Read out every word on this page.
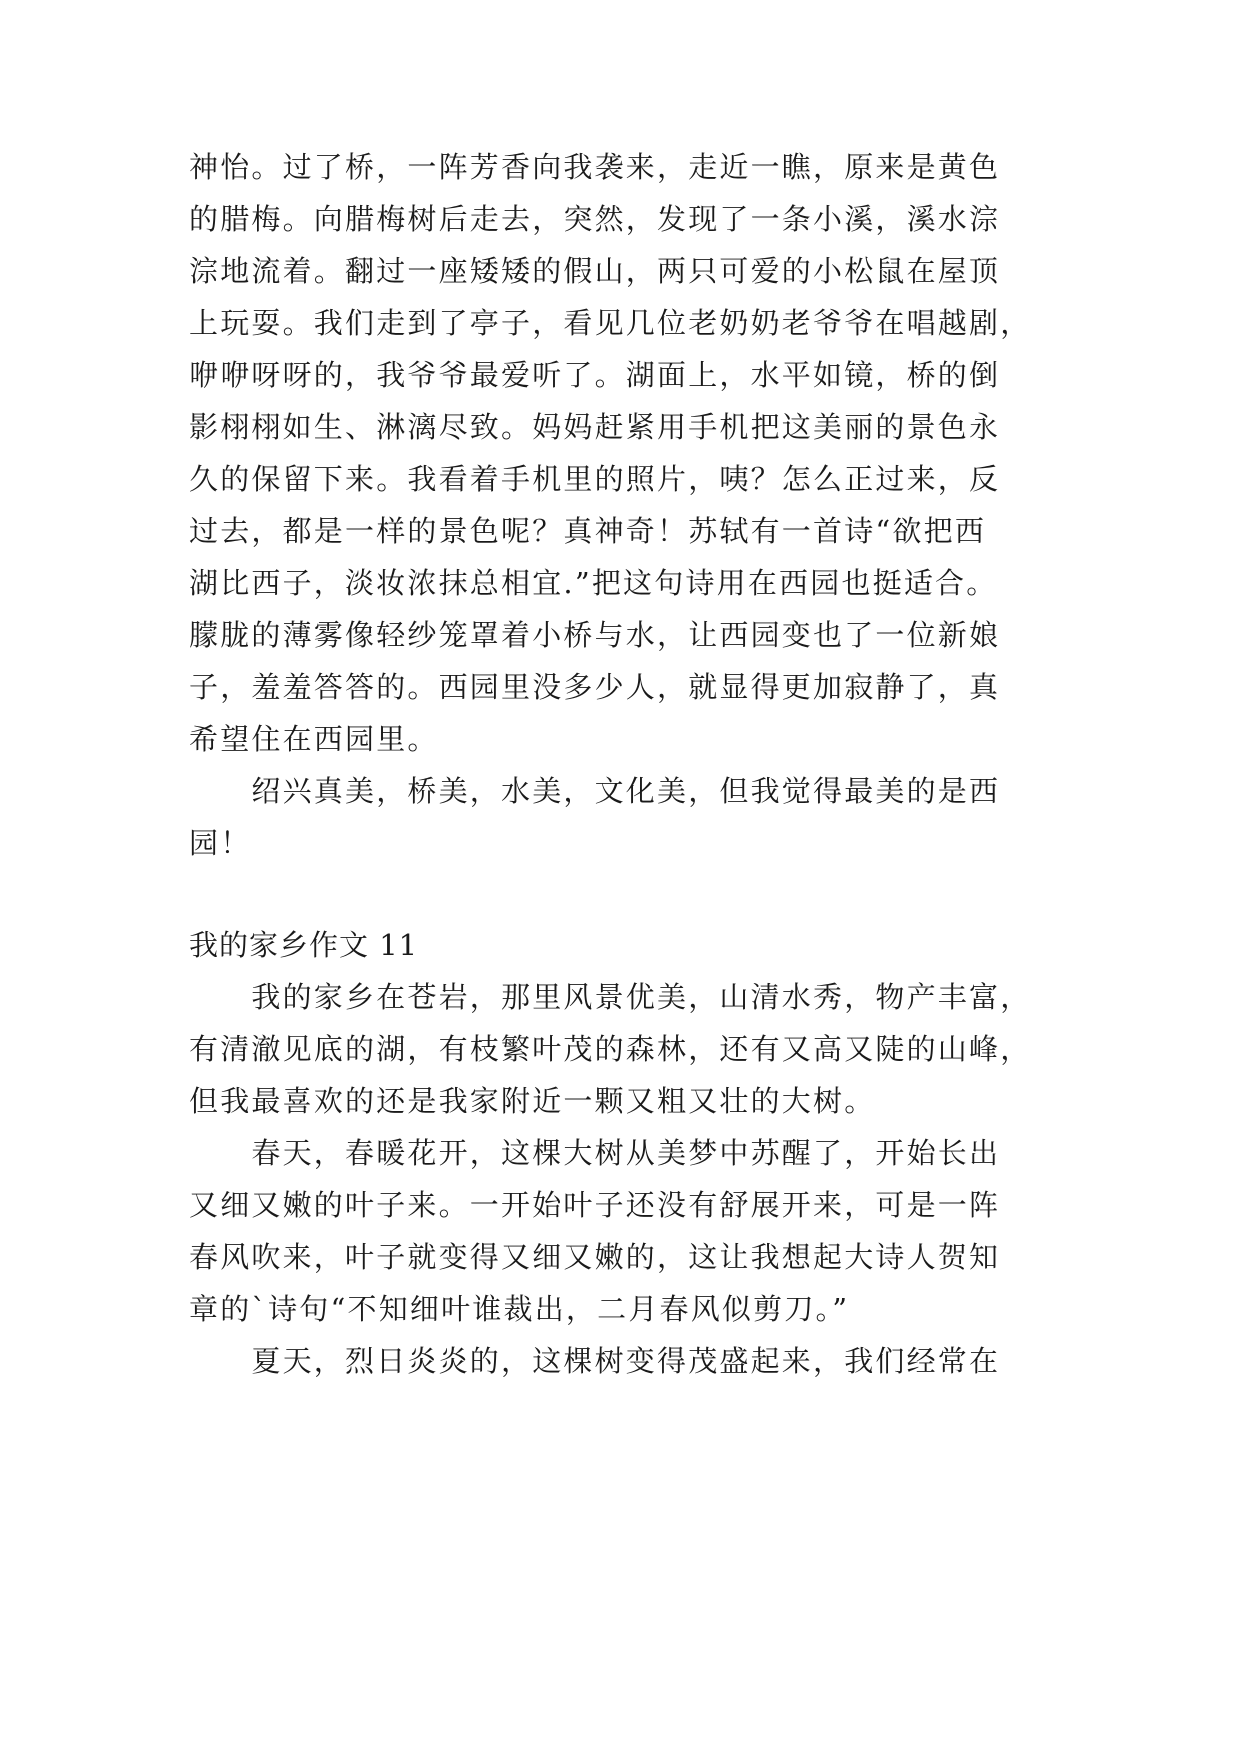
神怡。过了桥，一阵芳香向我袭来，走近一瞧，原来是黄色
的腊梅。向腊梅树后走去，突然，发现了一条小溪，溪水淙
淙地流着。翻过一座矮矮的假山，两只可爱的小松鼠在屋顶
上玩耍。我们走到了亭子，看见几位老奶奶老爷爷在唱越剧，
咿咿呀呀的，我爷爷最爱听了。湖面上，水平如镜，桥的倒
影栩栩如生、淋漓尽致。妈妈赶紧用手机把这美丽的景色永
久的保留下来。我看着手机里的照片，咦？怎么正过来，反
过去，都是一样的景色呢？真神奇！苏轼有一首诗“欲把西
湖比西子，淡妆浓抹总相宜.”把这句诗用在西园也挺适合。
朦胧的薄雾像轻纱笼罩着小桥与水，让西园变也了一位新娘
子，羞羞答答的。西园里没多少人，就显得更加寂静了，真
希望住在西园里。
　　绍兴真美，桥美，水美，文化美，但我觉得最美的是西
园！
我的家乡作文 11
　　我的家乡在苍岩，那里风景优美，山清水秀，物产丰富，
有清澈见底的湖，有枝繁叶茂的森林，还有又高又陡的山峰，
但我最喜欢的还是我家附近一颗又粗又壮的大树。
　　春天，春暖花开，这棵大树从美梦中苏醒了，开始长出
又细又嫩的叶子来。一开始叶子还没有舒展开来，可是一阵
春风吹来，叶子就变得又细又嫩的，这让我想起大诗人贺知
章的`诗句“不知细叶谁裁出，二月春风似剪刀。”
　　夏天，烈日炎炎的，这棵树变得茂盛起来，我们经常在
